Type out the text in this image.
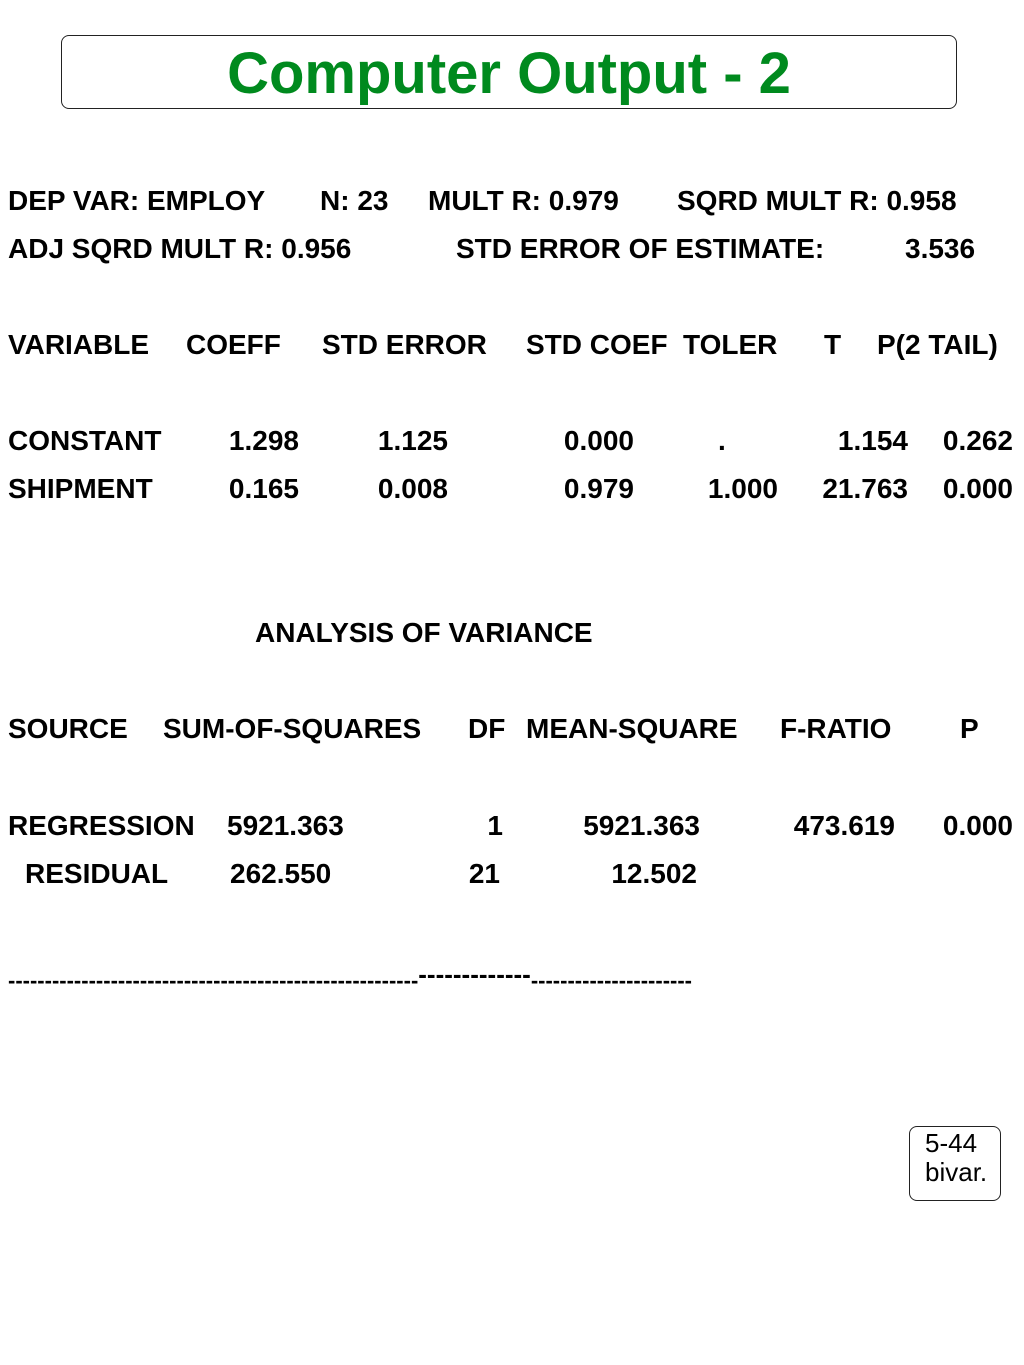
Computer Output - 2
DEP VAR: EMPLOY N: 23 MULT R: 0.979 SQRD MULT R: 0.958
ADJ SQRD MULT R: 0.956	STD ERROR OF ESTIMATE:	3.536
VARIABLE COEFF STD ERROR STD COEF TOLER T P(2 TAIL)
CONSTANT 1.298	1.125	0.000	.	1.154 0.262
SHIPMENT	0.165	0.008	0.979	1.000 21.763 0.000
ANALYSIS OF VARIANCE
SOURCE SUM-OF-SQUARES DF MEAN-SQUARE F-RATIO P
REGRESSION 5921.363	1	5921.363	473.619 0.000
RESIDUAL 262.550	21	12.502
-------------------------------------------------------------------------------------------
5-44
bivar.
